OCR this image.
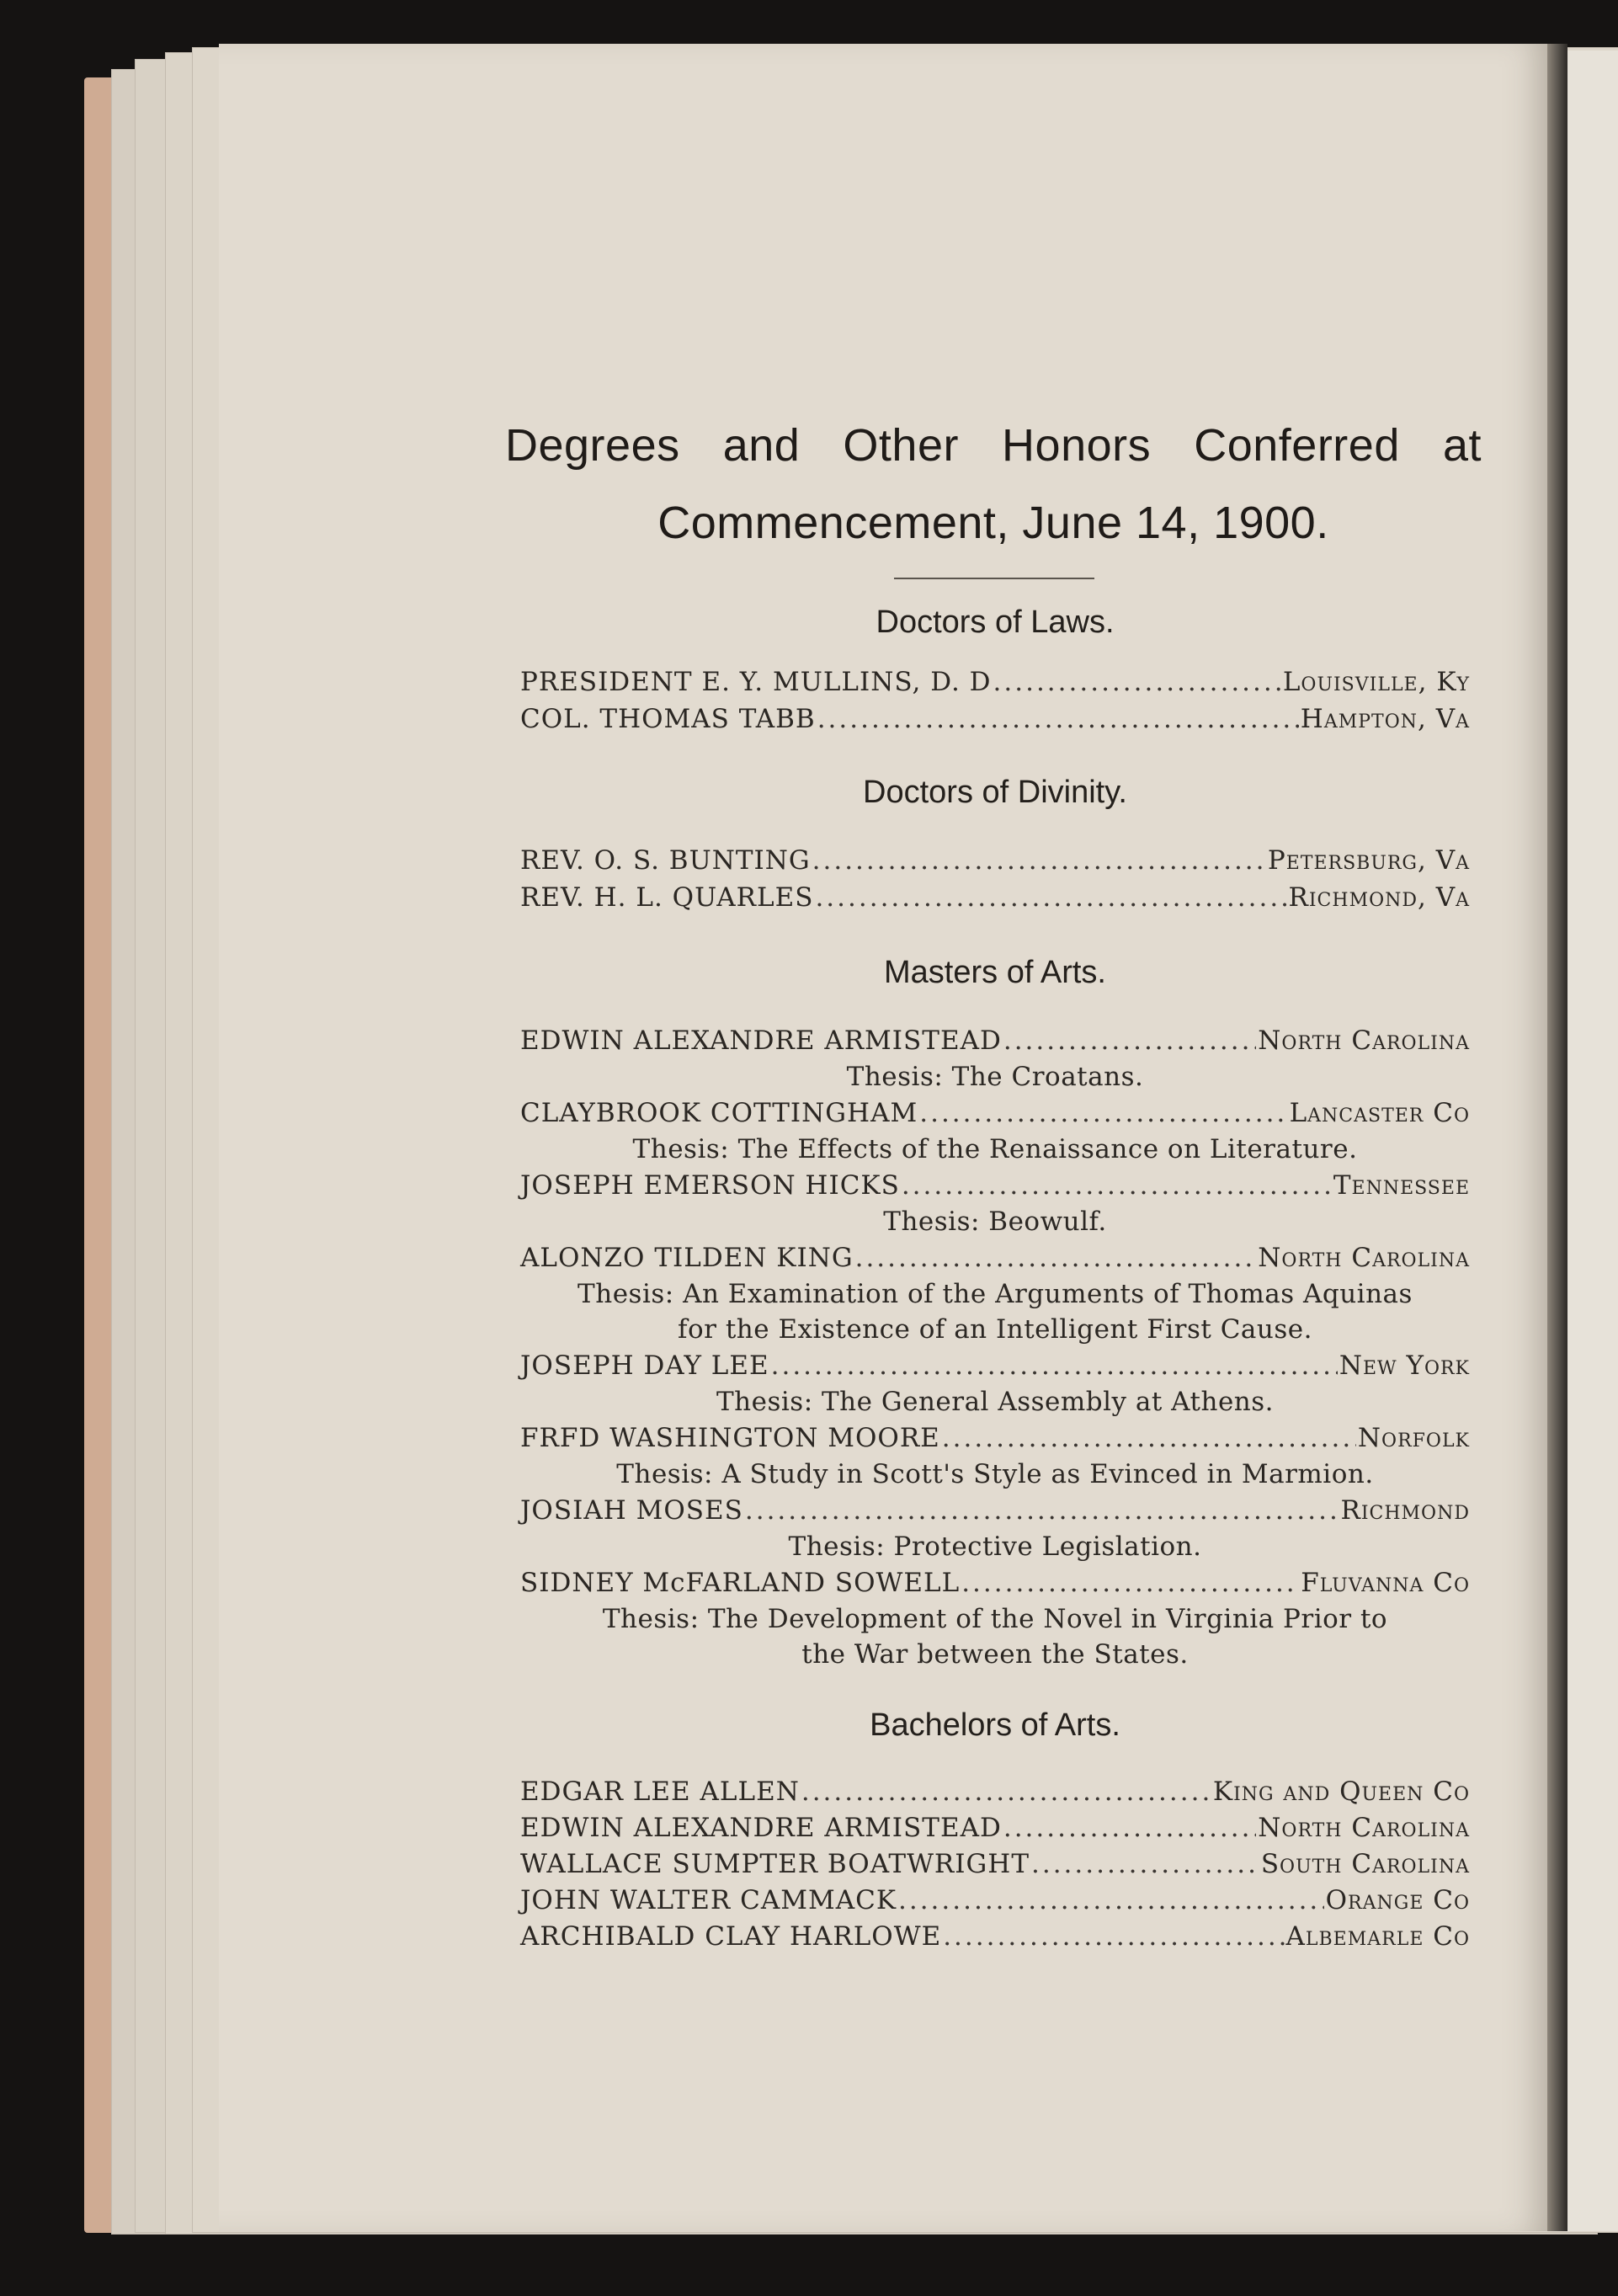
Degrees and Other Honors Conferred at
Commencement, June 14, 1900.
Doctors of Laws.
PRESIDENT E. Y. MULLINS, D. D .....	Louisville, Ky
COL. THOMAS TABB .....	Hampton, Va
Doctors of Divinity.
REV. O. S. BUNTING .....	Petersburg, Va
REV. H. L. QUARLES .....	Richmond, Va
Masters of Arts.
EDWIN ALEXANDRE ARMISTEAD .....	North Carolina
Thesis: The Croatans.
CLAYBROOK COTTINGHAM .....	Lancaster Co
Thesis: The Effects of the Renaissance on Literature.
JOSEPH EMERSON HICKS .....	Tennessee
Thesis: Beowulf.
ALONZO TILDEN KING .....	North Carolina
Thesis: An Examination of the Arguments of Thomas Aquinas
for the Existence of an Intelligent First Cause.
JOSEPH DAY LEE .....	New York
Thesis: The General Assembly at Athens.
FRFD WASHINGTON MOORE .....	Norfolk
Thesis: A Study in Scott's Style as Evinced in Marmion.
JOSIAH MOSES .....	Richmond
Thesis: Protective Legislation.
SIDNEY McFARLAND SOWELL .....	Fluvanna Co
Thesis: The Development of the Novel in Virginia Prior to
the War between the States.
Bachelors of Arts.
EDGAR LEE ALLEN .....	King and Queen Co
EDWIN ALEXANDRE ARMISTEAD .....	North Carolina
WALLACE SUMPTER BOATWRIGHT .....	South Carolina
JOHN WALTER CAMMACK .....	Orange Co
ARCHIBALD CLAY HARLOWE .....	Albemarle Co
